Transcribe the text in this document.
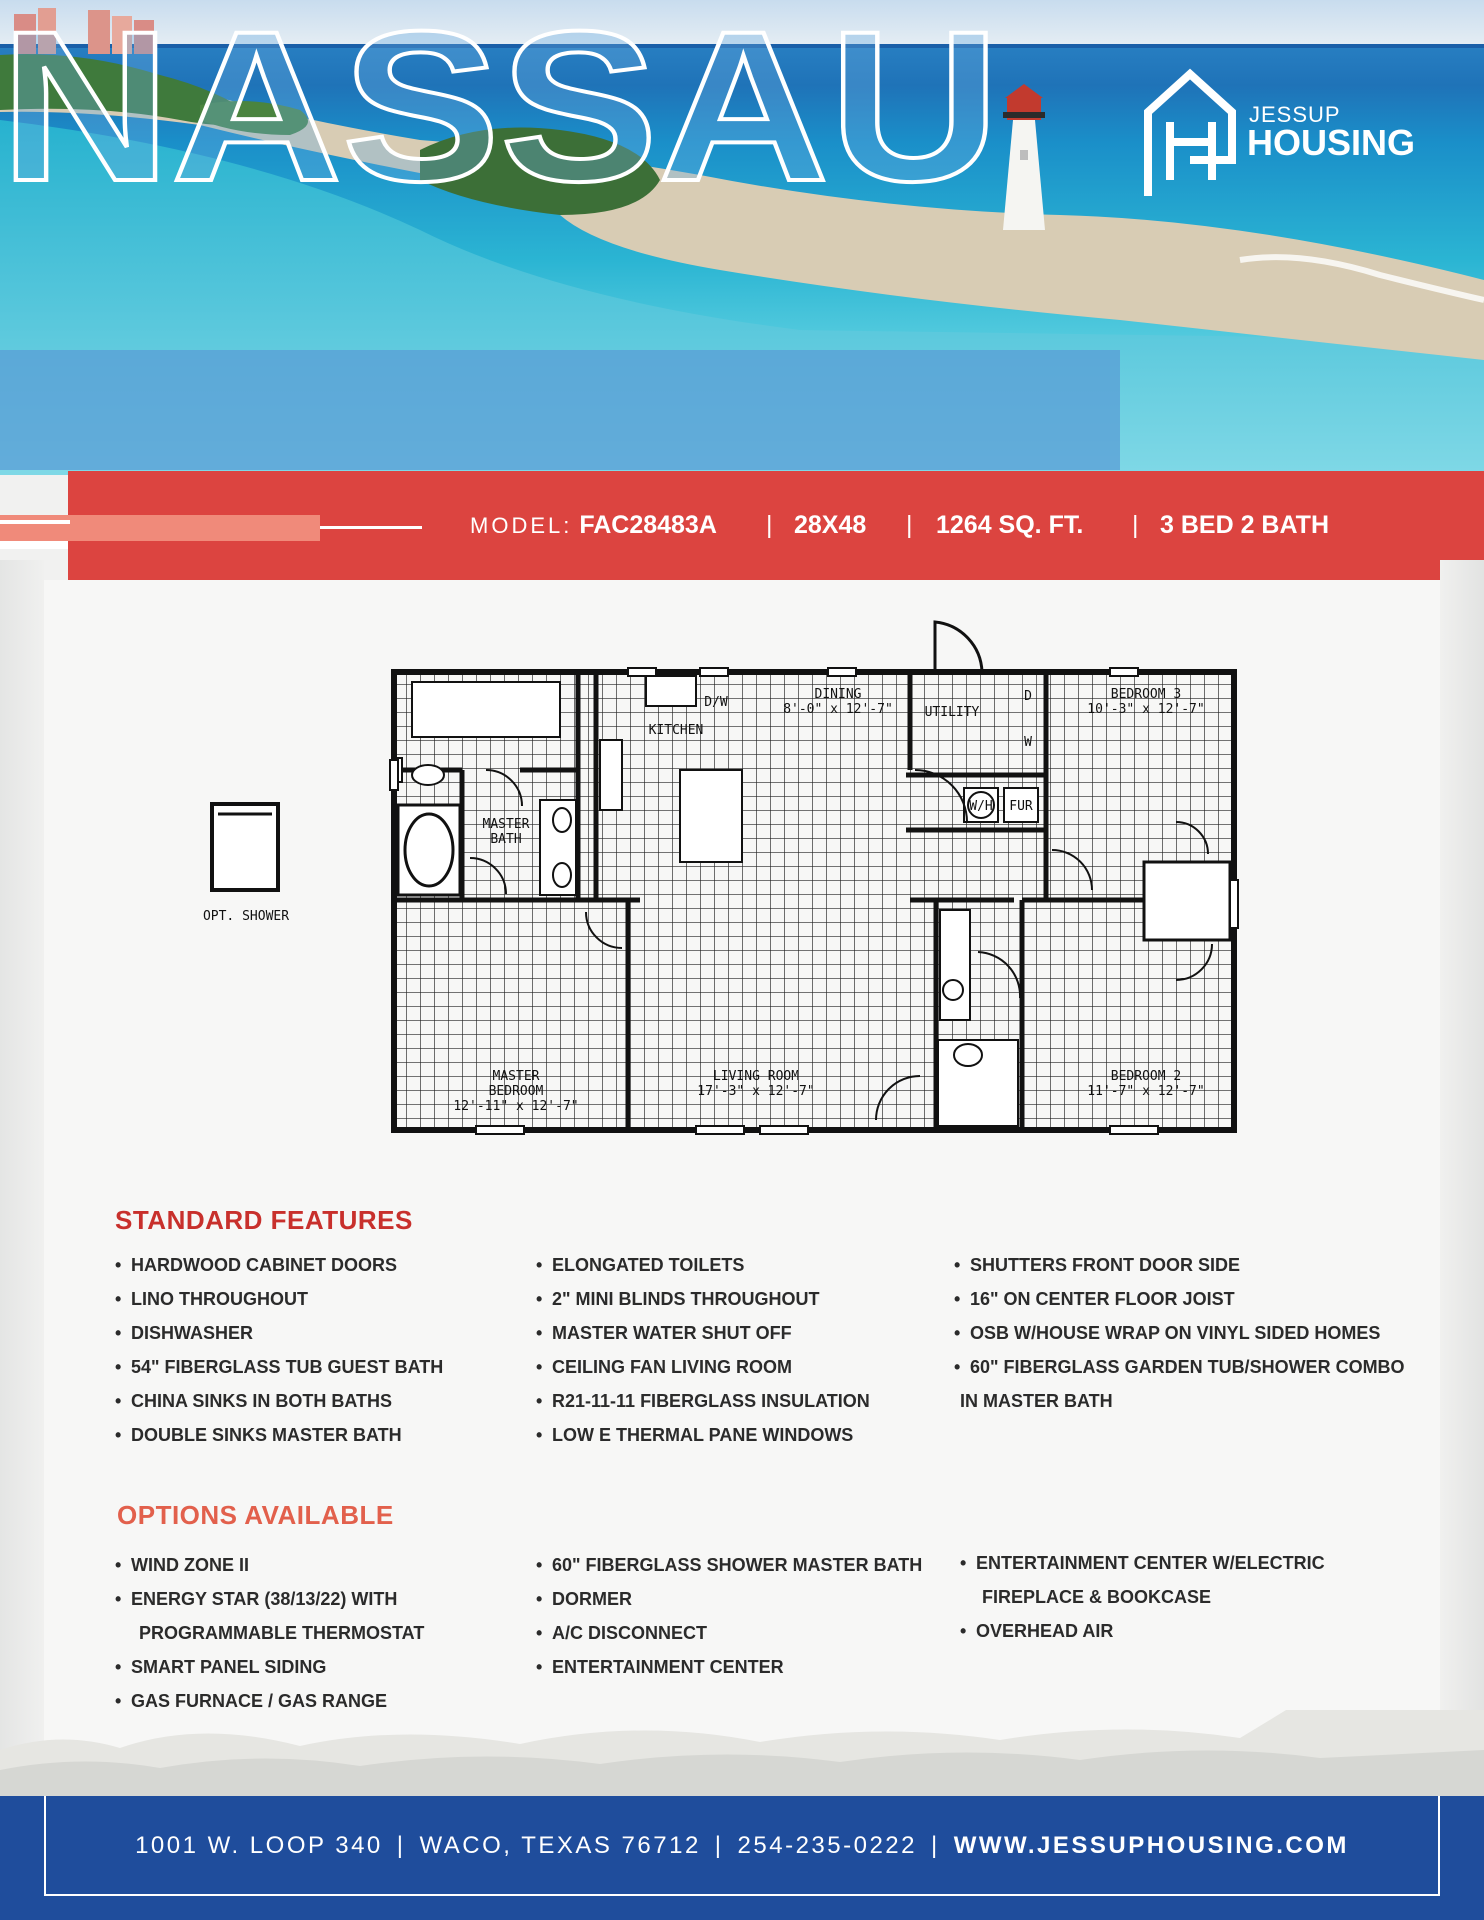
JESSUP
HOUSING
NASSAU
MODEL: FAC28483A | 28X48 | 1264 SQ. FT. | 3 BED 2 BATH
DINING
8'-0" x 12'-7" UTILITY
BEDROOM 3
10'-3" x 12'-7"
KITCHEN
MASTER
BATH
MASTER
BEDROOM
12'-11" x 12'-7"
LIVING ROOM
17'-3" x 12'-7"
BEDROOM 2
11'-7" x 12'-7"
D/W
W/H FUR
D
W
OPT. SHOWER
STANDARD FEATURES
• HARDWOOD CABINET DOORS
• LINO THROUGHOUT
• DISHWASHER
• 54" FIBERGLASS TUB GUEST BATH
• CHINA SINKS IN BOTH BATHS
• DOUBLE SINKS MASTER BATH
• ELONGATED TOILETS
• 2" MINI BLINDS THROUGHOUT
• MASTER WATER SHUT OFF
• CEILING FAN LIVING ROOM
• R21-11-11 FIBERGLASS INSULATION
• LOW E THERMAL PANE WINDOWS
• SHUTTERS FRONT DOOR SIDE
• 16" ON CENTER FLOOR JOIST
• OSB W/HOUSE WRAP ON VINYL SIDED HOMES
• 60" FIBERGLASS GARDEN TUB/SHOWER COMBO
IN MASTER BATH
OPTIONS AVAILABLE
• WIND ZONE II
• ENERGY STAR (38/13/22) WITH
PROGRAMMABLE THERMOSTAT
• SMART PANEL SIDING
• GAS FURNACE / GAS RANGE
• 60" FIBERGLASS SHOWER MASTER BATH
• DORMER
• A/C DISCONNECT
• ENTERTAINMENT CENTER
• ENTERTAINMENT CENTER W/ELECTRIC
FIREPLACE & BOOKCASE
• OVERHEAD AIR
1001 W. LOOP 340 | WACO, TEXAS 76712 | 254-235-0222 | WWW.JESSUPHOUSING.COM
